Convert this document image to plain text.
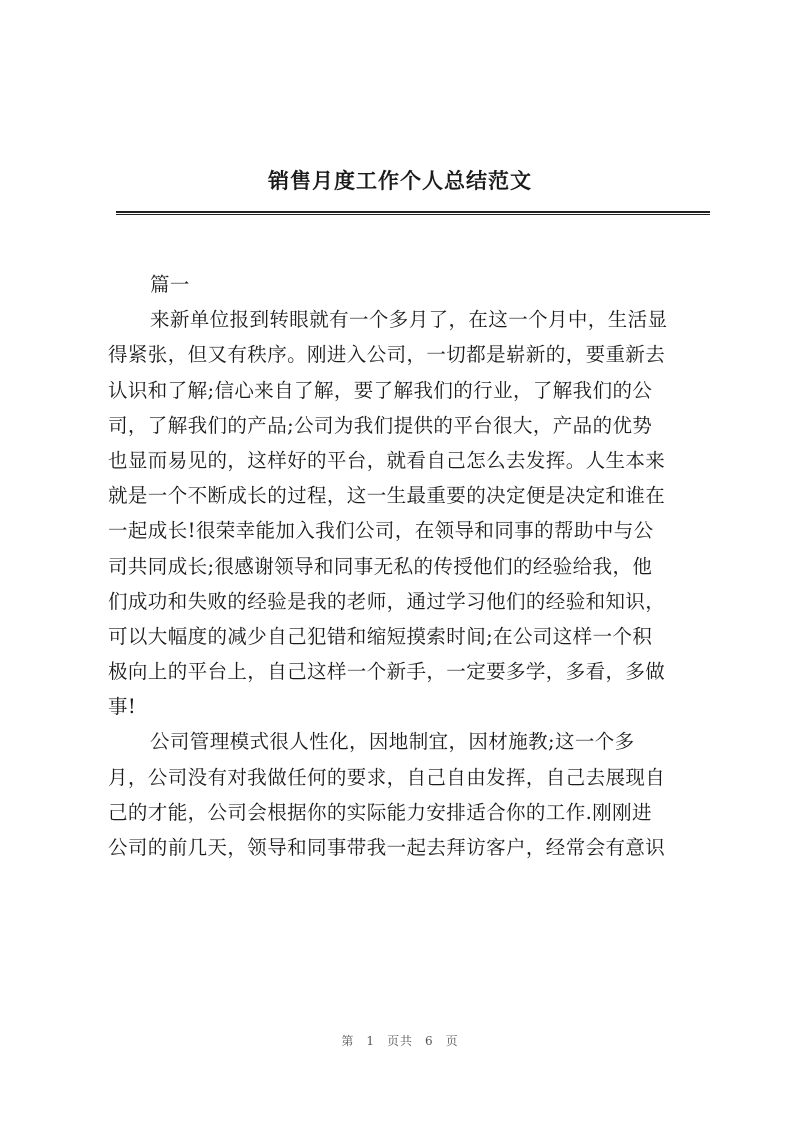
销售月度工作个人总结范文
篇一
来新单位报到转眼就有一个多月了，在这一个月中，生活显
得紧张，但又有秩序。刚进入公司，一切都是崭新的，要重新去
认识和了解;信心来自了解，要了解我们的行业，了解我们的公
司，了解我们的产品;公司为我们提供的平台很大，产品的优势
也显而易见的，这样好的平台，就看自己怎么去发挥。人生本来
就是一个不断成长的过程，这一生最重要的决定便是决定和谁在
一起成长!很荣幸能加入我们公司，在领导和同事的帮助中与公
司共同成长;很感谢领导和同事无私的传授他们的经验给我，他
们成功和失败的经验是我的老师，通过学习他们的经验和知识，
可以大幅度的减少自己犯错和缩短摸索时间;在公司这样一个积
极向上的平台上，自己这样一个新手，一定要多学，多看，多做
事!
公司管理模式很人性化，因地制宜，因材施教;这一个多
月，公司没有对我做任何的要求，自己自由发挥，自己去展现自
己的才能，公司会根据你的实际能力安排适合你的工作.刚刚进
公司的前几天，领导和同事带我一起去拜访客户，经常会有意识
第 1 页共 6 页
